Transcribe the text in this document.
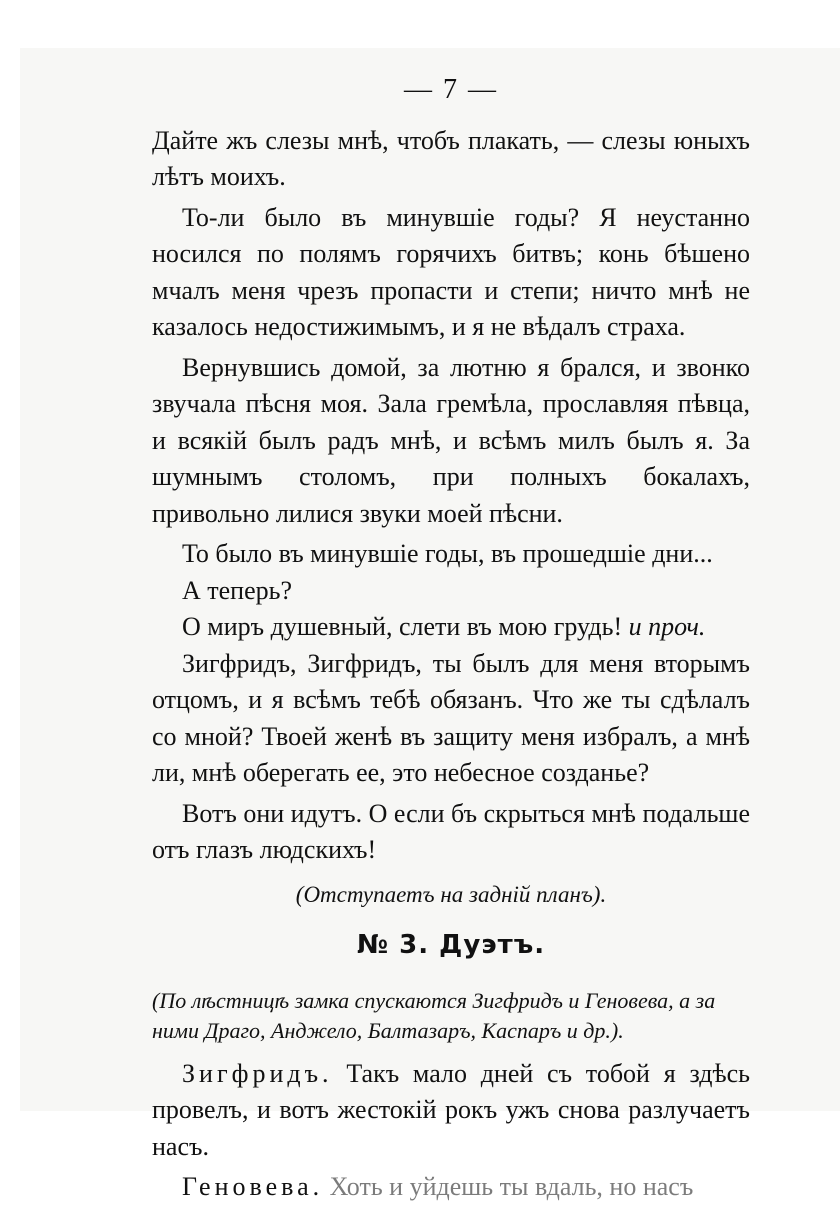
— 7 —

Дайте жъ слезы мнѣ, чтобъ плакать, — слезы юныхъ лѣтъ моихъ.

То-ли было въ минувшіе годы? Я неустанно носился по полямъ горячихъ битвъ; конь бѣшено мчалъ меня чрезъ пропасти и степи; ничто мнѣ не казалось недостижимымъ, и я не вѣдалъ страха.

Вернувшись домой, за лютню я брался, и звонко звучала пѣсня моя. Зала гремѣла, прославляя пѣвца, и всякій былъ радъ мнѣ, и всѣмъ милъ былъ я. За шумнымъ столомъ, при полныхъ бокалахъ, привольно лилися звуки моей пѣсни.

То было въ минувшіе годы, въ прошедшіе дни...

А теперь?

О миръ душевный, слети въ мою грудь! и проч.

Зигфридъ, Зигфридъ, ты былъ для меня вторымъ отцомъ, и я всѣмъ тебѣ обязанъ. Что же ты сдѣлалъ со мной? Твоей женѣ въ защиту меня избралъ, а мнѣ ли, мнѣ оберегать ее, это небесное созданье?

Вотъ они идутъ. О если бъ скрыться мнѣ подальше отъ глазъ людскихъ!

(Отступаетъ на заднiй планъ).
№ 3. Дуэтъ.
(По лѣстницѣ замка спускаются Зигфридъ и Геновева, а за ними Драго, Анджело, Балтазаръ, Каспаръ и др.).

Зигфридъ. Такъ мало дней съ тобой я здѣсь провелъ, и вотъ жестокій рокъ ужъ снова разлучаетъ насъ.

Геновева. Хоть и уйдешь ты вдаль, но насъ
